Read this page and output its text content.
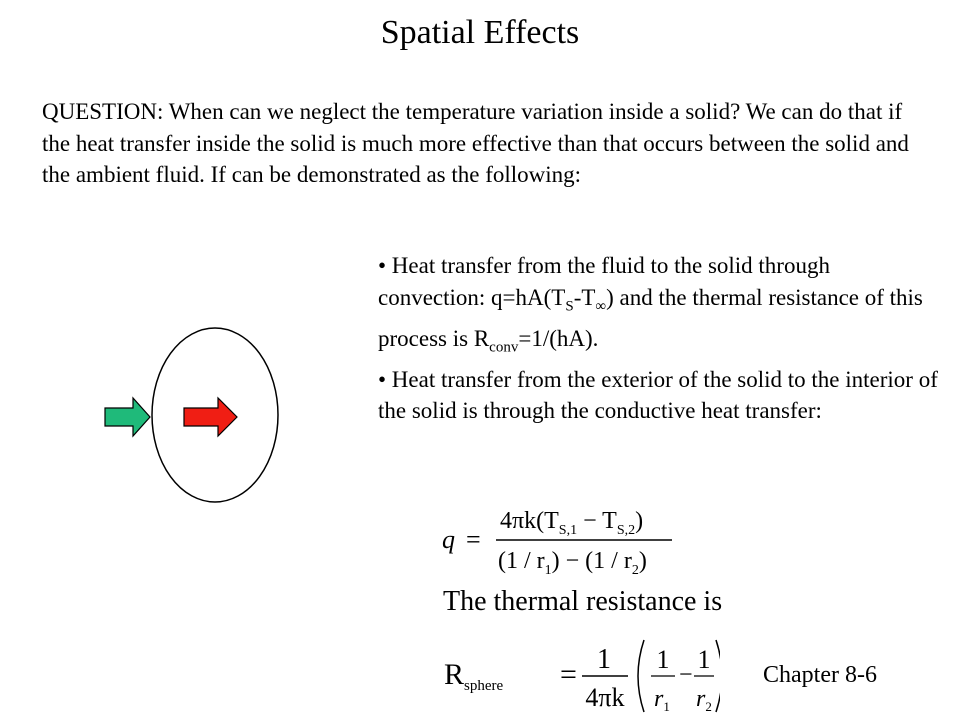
Spatial Effects
QUESTION: When can we neglect the temperature variation inside a solid? We can do that if the heat transfer inside the solid is much more effective than that occurs between the solid and the ambient fluid. If can be demonstrated as the following:

• Heat transfer from the fluid to the solid through convection: $q=hA(T_S-T_\infty)$ and the thermal resistance of this process is $R_{conv}=1/(hA)$.

• Heat transfer from the exterior of the solid to the interior of the solid is through the conductive heat transfer:

q =
$4\pi k(T_{S,1} - T_{S,2})$
$(1 / r_1) - (1 / r_2)$
The thermal resistance is
$R_{sphere} = 1$
4πk
1
$r_1$
−
1
$r_2$
Chapter 8-6
